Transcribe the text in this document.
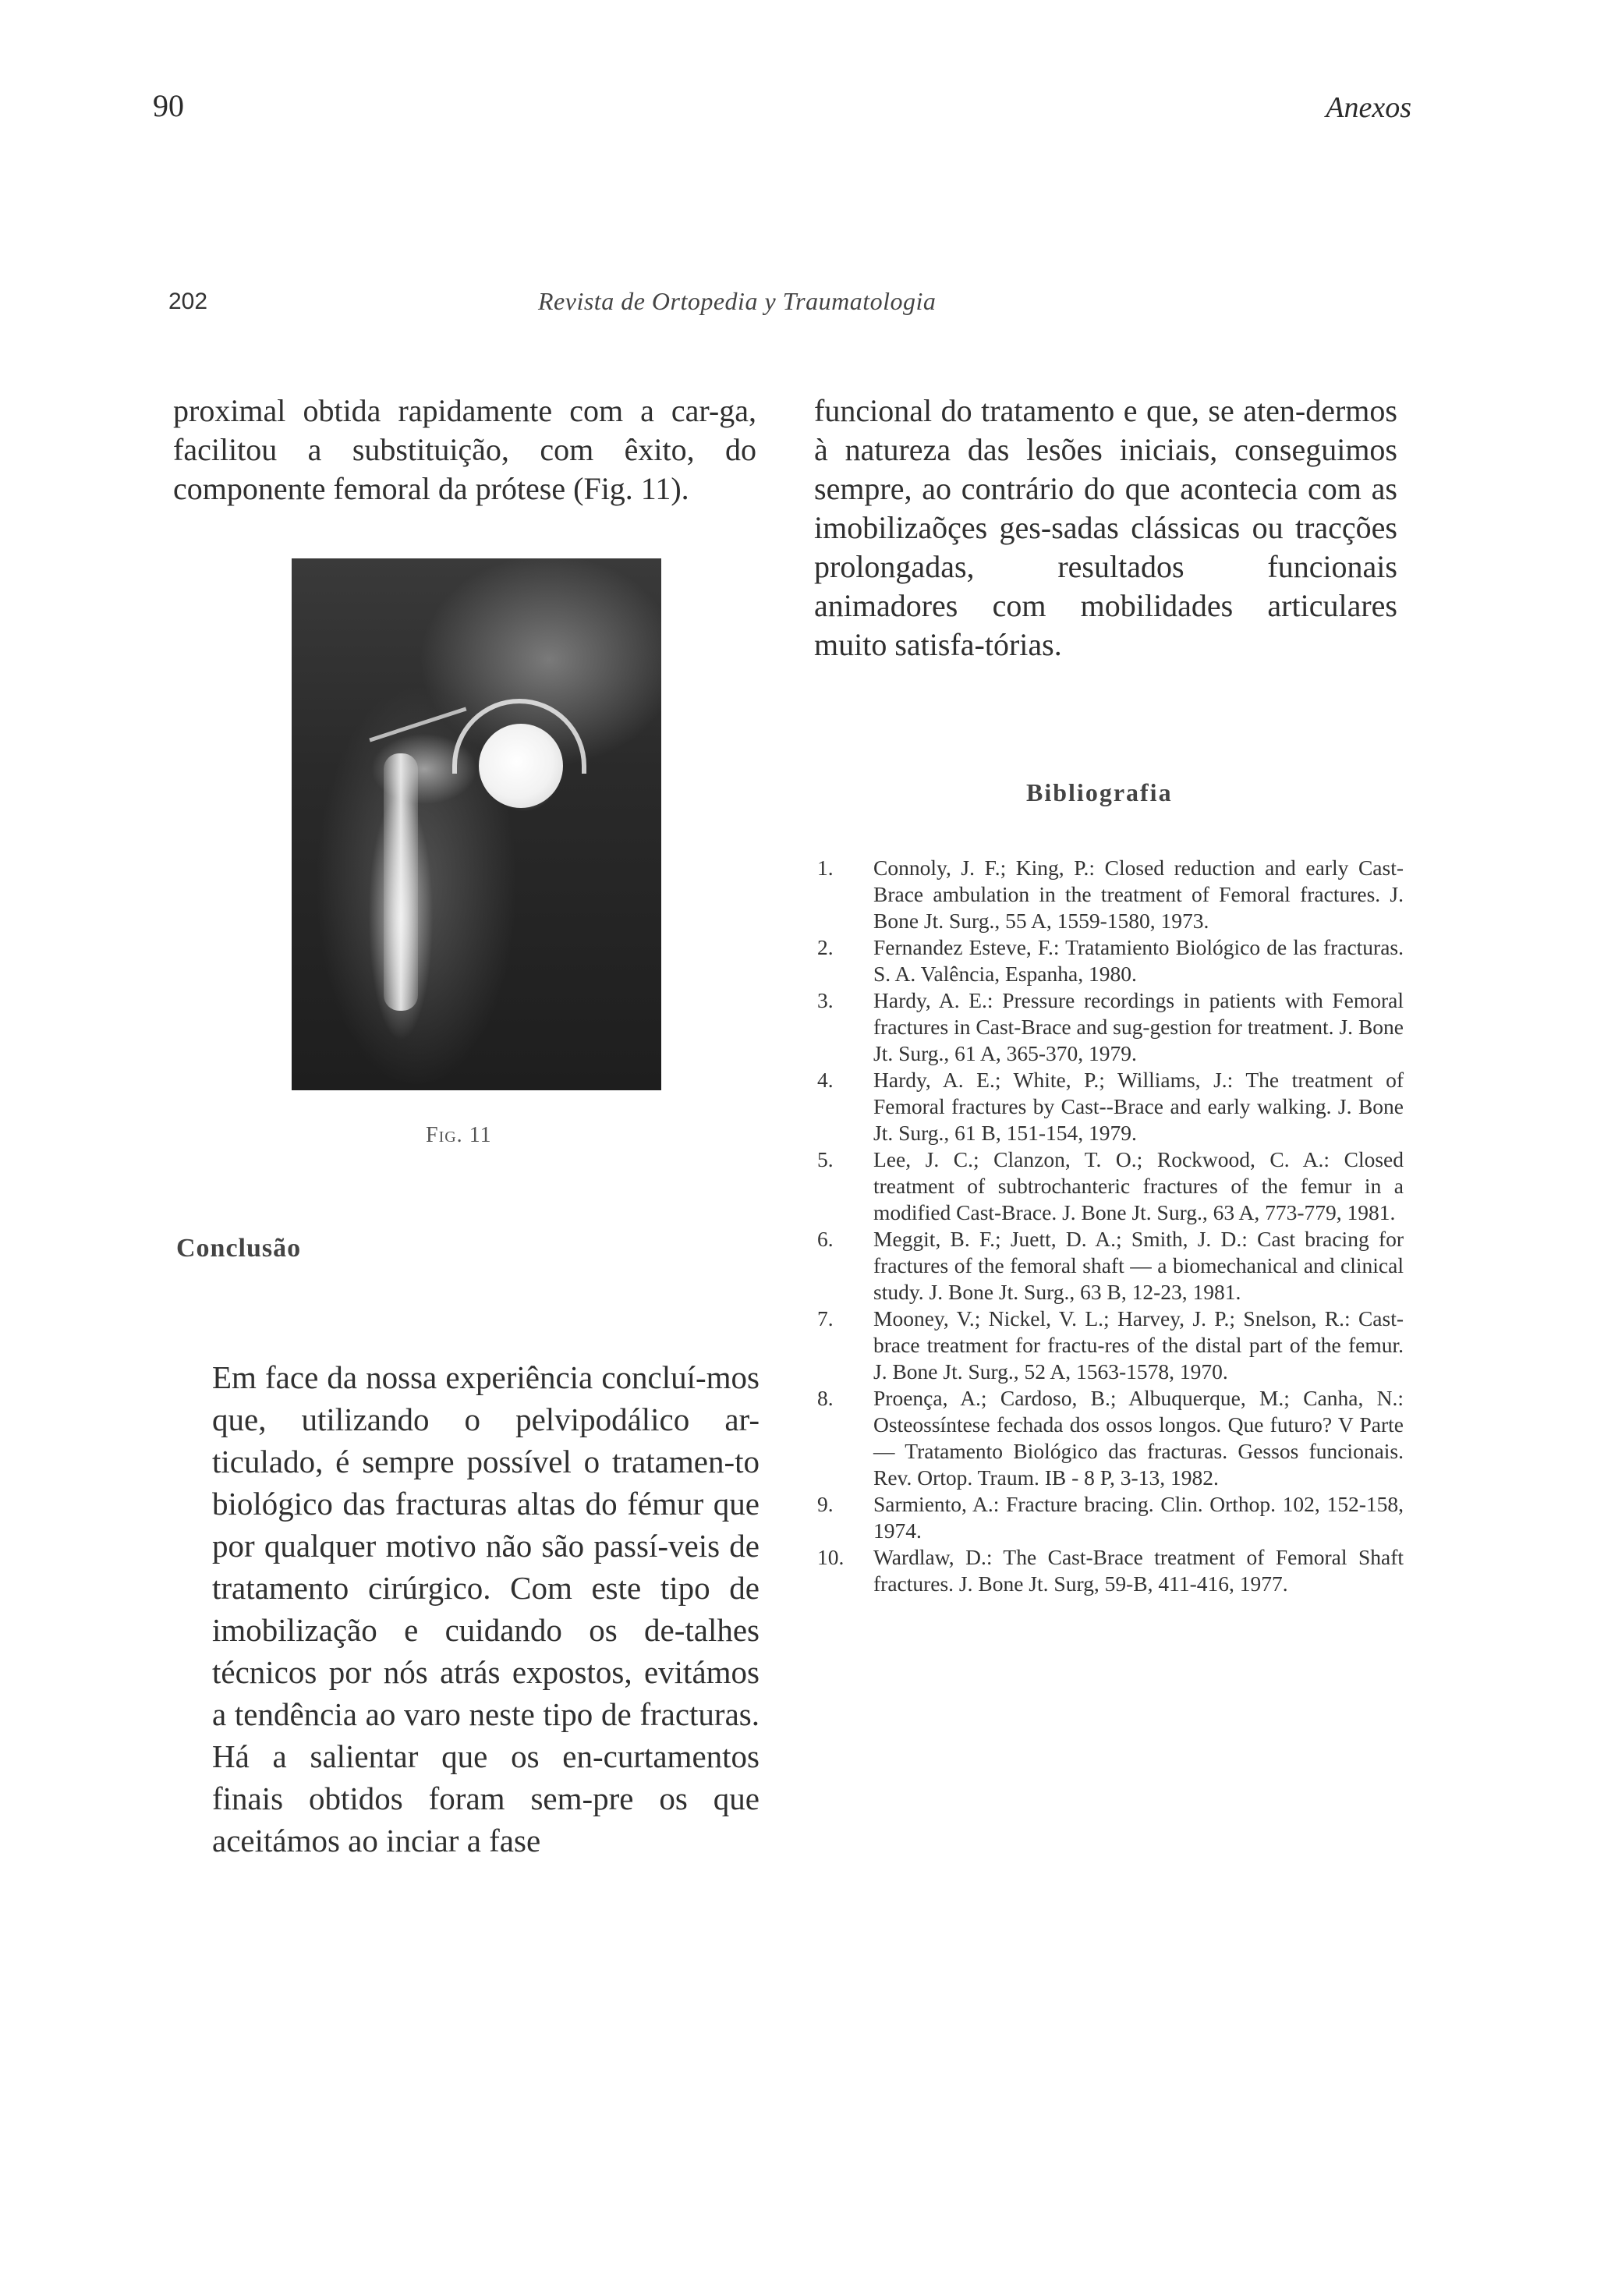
90	Anexos
202	Revista de Ortopedia y Traumatologia

proximal obtida rapidamente com a car-ga, facilitou a substituição, com êxito, do componente femoral da prótese (Fig. 11).

funcional do tratamento e que, se aten-dermos à natureza das lesões iniciais, conseguimos sempre, ao contrário do que acontecia com as imobilizaõçes ges-sadas clássicas ou tracções prolongadas, resultados funcionais animadores com mobilidades articulares muito satisfa-tórias.

Fig. 11
Conclusão

Em face da nossa experiência concluí-mos que, utilizando o pelvipodálico ar-ticulado, é sempre possível o tratamen-to biológico das fracturas altas do fémur que por qualquer motivo não são passí-veis de tratamento cirúrgico. Com este tipo de imobilização e cuidando os de-talhes técnicos por nós atrás expostos, evitámos a tendência ao varo neste tipo de fracturas. Há a salientar que os en-curtamentos finais obtidos foram sem-pre os que aceitámos ao inciar a fase

Bibliografia
1.	Connoly, J. F.; King, P.: Closed reduction and early Cast-Brace ambulation in the treatment of Femoral fractures. J. Bone Jt. Surg., 55 A, 1559-1580, 1973.
2.	Fernandez Esteve, F.: Tratamiento Biológico de las fracturas. S. A. Valência, Espanha, 1980.
3.	Hardy, A. E.: Pressure recordings in patients with Femoral fractures in Cast-Brace and sug-gestion for treatment. J. Bone Jt. Surg., 61 A, 365-370, 1979.
4.	Hardy, A. E.; White, P.; Williams, J.: The treatment of Femoral fractures by Cast--Brace and early walking. J. Bone Jt. Surg., 61 B, 151-154, 1979.
5.	Lee, J. C.; Clanzon, T. O.; Rockwood, C. A.: Closed treatment of subtrochanteric fractures of the femur in a modified Cast-Brace. J. Bone Jt. Surg., 63 A, 773-779, 1981.
6.	Meggit, B. F.; Juett, D. A.; Smith, J. D.: Cast bracing for fractures of the femoral shaft — a biomechanical and clinical study. J. Bone Jt. Surg., 63 B, 12-23, 1981.
7.	Mooney, V.; Nickel, V. L.; Harvey, J. P.; Snelson, R.: Cast-brace treatment for fractu-res of the distal part of the femur. J. Bone Jt. Surg., 52 A, 1563-1578, 1970.
8.	Proença, A.; Cardoso, B.; Albuquerque, M.; Canha, N.: Osteossíntese fechada dos ossos longos. Que futuro? V Parte — Tratamento Biológico das fracturas. Gessos funcionais. Rev. Ortop. Traum. IB - 8 P, 3-13, 1982.
9.	Sarmiento, A.: Fracture bracing. Clin. Orthop. 102, 152-158, 1974.
10.	Wardlaw, D.: The Cast-Brace treatment of Femoral Shaft fractures. J. Bone Jt. Surg, 59-B, 411-416, 1977.
